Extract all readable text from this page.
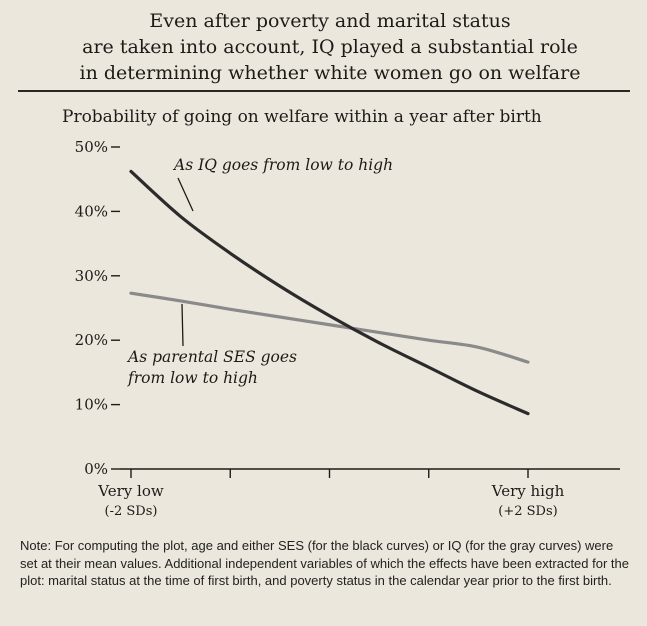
Even after poverty and marital status
are taken into account, IQ played a substantial role
in determining whether white women go on welfare
Probability of going on welfare within a year after birth
0%
10%
20%
30%
40%
50%
Very low
(-2 SDs)
Very high
(+2 SDs)
As IQ goes from low to high
As parental SES goes
from low to high
Note: For computing the plot, age and either SES (for the black curves) or IQ (for the gray curves) were set at their mean values. Additional independent variables of which the effects have been extracted for the plot: marital status at the time of first birth, and poverty status in the calendar year prior to the first birth.
